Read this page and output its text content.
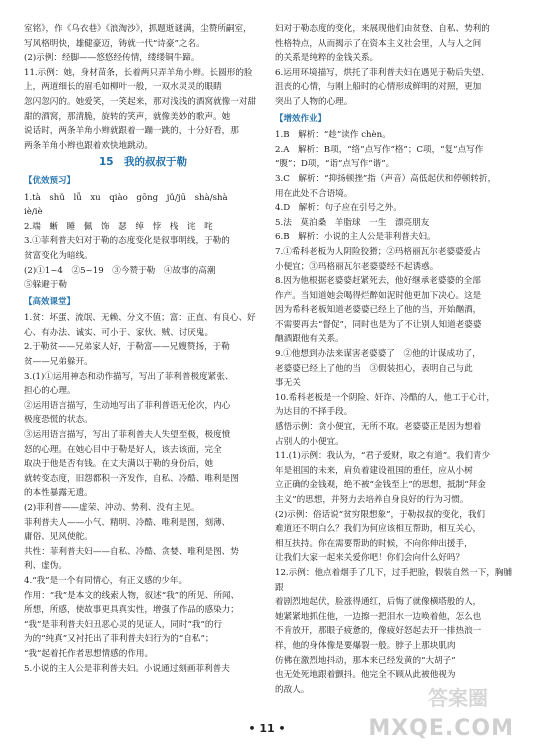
室铭》，作《乌衣巷》《浪淘沙》，抓题逝谜满，尘赞所嗣室，

写风格明快，雄健豪迈，铸就一代“诗豪”之名。

(2)示例：经脚——悠悠经传情，缕缕铜牛蹄。

11.示例：她，身材苗条，长着两只弄羊角小辫。长圆形的脸

上，两道细长的眉毛如柳叶一般，一双水灵灵的眼睛

忽闪忽闪的。她爱笑，一笑起来，那对浅浅的酒窝就像一对甜

甜的酒窝，那清脆，旋转的笑声，就像美妙的歌声。她

说话时，两条羊角小辫就跟着一蹦一跳的，十分好看，那

两条羊角小辫也跟着欢快地跳动。

15　我的叔叔于勒
【优效预习】

1.tà　shǔ　lǚ　xu　qiào　gōng　jǔ/jū　shà/shà

iè/iè

2.端　蜥　睡　佩　饰　瑟　绰　悖　栈　诧　咤

3.①菲利普夫妇对于勒的态度变化是叙事明线，于勒的

贫富变化为暗线。

(2)①1~4　②5~19　③今赞于勒　④故事的高潮

⑤躲避于勒

【高效课堂】

1.贫：坏蛋、流氓、无赖、分文不值；富：正直、有良心、好

心、有办法、诚实、可小于、家伙、贼、讨厌鬼。

2.于勒贫——兄弟家人好，于勒富——兄嫂赞扬，于勒

贫——兄弟躲开。

3.(1)①运用神态和动作描写，写出了菲利普极度紧张、

担心的心理。

②运用语言描写，生动地写出了菲利普语无伦次，内心

极度恐慌的状态。

③运用语言描写，写出了菲利普夫人失望至极，极度愤

怒的心理。在她心目中于勒是好人，该去该面，完全

取决于他是否有钱。在丈夫满以于勒的身份后，她

就转变态度，旧怨都积一齐发作，自私、冷酷、唯利是图

的本性暴露无遗。

(2)菲利普——虚荣、冲动、势利、没有主见。

菲利普夫人——小气、精明、冷酷、唯利是图，刻薄、

庸俗、见风使舵。

共性：菲利普夫妇——自私、冷酷、贪婪、唯利是图、势

利、虚伪。

4.“我”是一个有同情心，有正义感的少年。

作用：“我”是本文的线索人物，叙述“我”的所见、所闻、

所想，所感，使故事更具真实性，增强了作品的感染力；

“我”是菲利普夫妇丑恶心灵的见证人，同时“我”的行

为的“纯真”又衬托出了菲利普夫妇行为的“自私”；

“我”起着托作者思想情感的作用。

5.小说的主人公是菲利普夫妇。小说通过刻画菲利普夫

妇对于勒态度的变化，来展现他们由贫登、自私、势利的

性格特点，从而揭示了在资本主义社会里，人与人之间

的关系是纯粹的金钱关系。

6.运用环境描写，烘托了菲利普夫妇在遇见于勒后失望、

沮丧的心情，与刚上船时的心情形成鲜明的对照，更加

突出了人物的心理。

【增效作业】

1.B　解析：“趁”读作 chèn。

2.A　解析：B项，“络”点写作“格”；C项，“复”点写作

“腹”；D项，“诣”点写作“谐”。

3.C　解析：“抑扬顿挫”指（声音）高低起伏和停顿转折，

用在此处不合语境。

4.D　解析：句子应在引号之外。

5.法　莫泊桑　羊脂球　一生　漂亮朋友

6.B　解析：小说的主人公是菲利普夫妇。

7.①希科老板为人阴险狡猾；②玛格丽瓦尔老婆婆爱占

小便宜；③玛格丽瓦尔老婆婆经不起诱惑。

8.因为他根据老婆婆赶紧死去，他好继承老婆婆的全部

作产。当知道她会喝得烂醉如泥时他更加下决心。这是

因为希科老板知道老婆婆已经上了他的当，开始酗酒，

不需要再去“督促”，同时也是为了不让别人知道老婆婆

酗酒跟他有关系。

9.①他想到办法来谋害老婆婆了　②他的计谋成功了，

老婆婆已经上了他的当　③假装担心，表明自己与此

事无关

10.希科老板是一个阴险、奸诈、冷酷的人，他工于心计，

为达目的不择手段。

感悟示例：贪小便宜，无所不取。老婆婆正是因为想着

占别人的小便宜。

11.(1)示例：我认为，“君子爱财，取之有道”。我们青少

年是祖国的未来，肩负着建设祖国的重任，应从小树

立正确的金钱观，绝不被“金钱至上”的思想，抵制“拜金

主义”的思想，并努力去培养自身良好的行为习惯。

(2)示例：俗话说“贫穷限想象”，于勒叔叔的变化，我们

难道还不明白么？我们为何应该相互帮助，相互关心，

相互扶持。你在需要帮助的时候，不向你伸出援手，

让我们大家一起来关爱你吧！你们会向什么好吗？

12.示例：他点着烟手了几下，过手把脸，假装自然一下，胸脯跟

着剧烈地起伏，脸涨得通红，后悔了就像横塔般的人，

她紧紧地抓住他，一边擦一把泪水一边唤着他，怎么也

不肯放开，那眼子疲惫的，像疲好怒起去开一排热浪一

样，他的身体像是要爆裂一般。脖子上那块肌肉

仿佛在激烈地抖动，那本来已经发黄的“大胡子”

也无处死地跟着颤抖。他完全不顾从此被他视为

的敌人。	答案圈
MXQE.COM
• 11 •
